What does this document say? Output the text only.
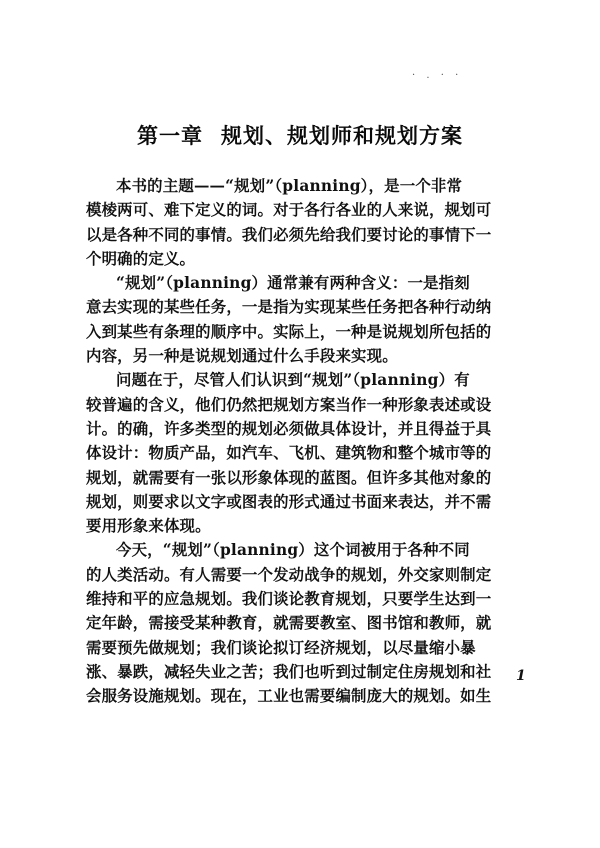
· . · ·
第一章 规划、规划师和规划方案
本书的主题——“规划”（planning），是一个非常
模棱两可、难下定义的词。对于各行各业的人来说，规划可
以是各种不同的事情。我们必须先给我们要讨论的事情下一
个明确的定义。
“规划”（planning）通常兼有两种含义：一是指刻
意去实现的某些任务，一是指为实现某些任务把各种行动纳
入到某些有条理的顺序中。实际上，一种是说规划所包括的
内容，另一种是说规划通过什么手段来实现。
问题在于，尽管人们认识到“规划”（planning）有
较普遍的含义，他们仍然把规划方案当作一种形象表述或设
计。的确，许多类型的规划必须做具体设计，并且得益于具
体设计：物质产品，如汽车、飞机、建筑物和整个城市等的
规划，就需要有一张以形象体现的蓝图。但许多其他对象的
规划，则要求以文字或图表的形式通过书面来表达，并不需
要用形象来体现。
今天，“规划”（planning）这个词被用于各种不同
的人类活动。有人需要一个发动战争的规划，外交家则制定
维持和平的应急规划。我们谈论教育规划，只要学生达到一
定年龄，需接受某种教育，就需要教室、图书馆和教师，就
需要预先做规划；我们谈论拟订经济规划，以尽量缩小暴
涨、暴跌，减轻失业之苦；我们也听到过制定住房规划和社
会服务设施规划。现在，工业也需要编制庞大的规划。如生
1
